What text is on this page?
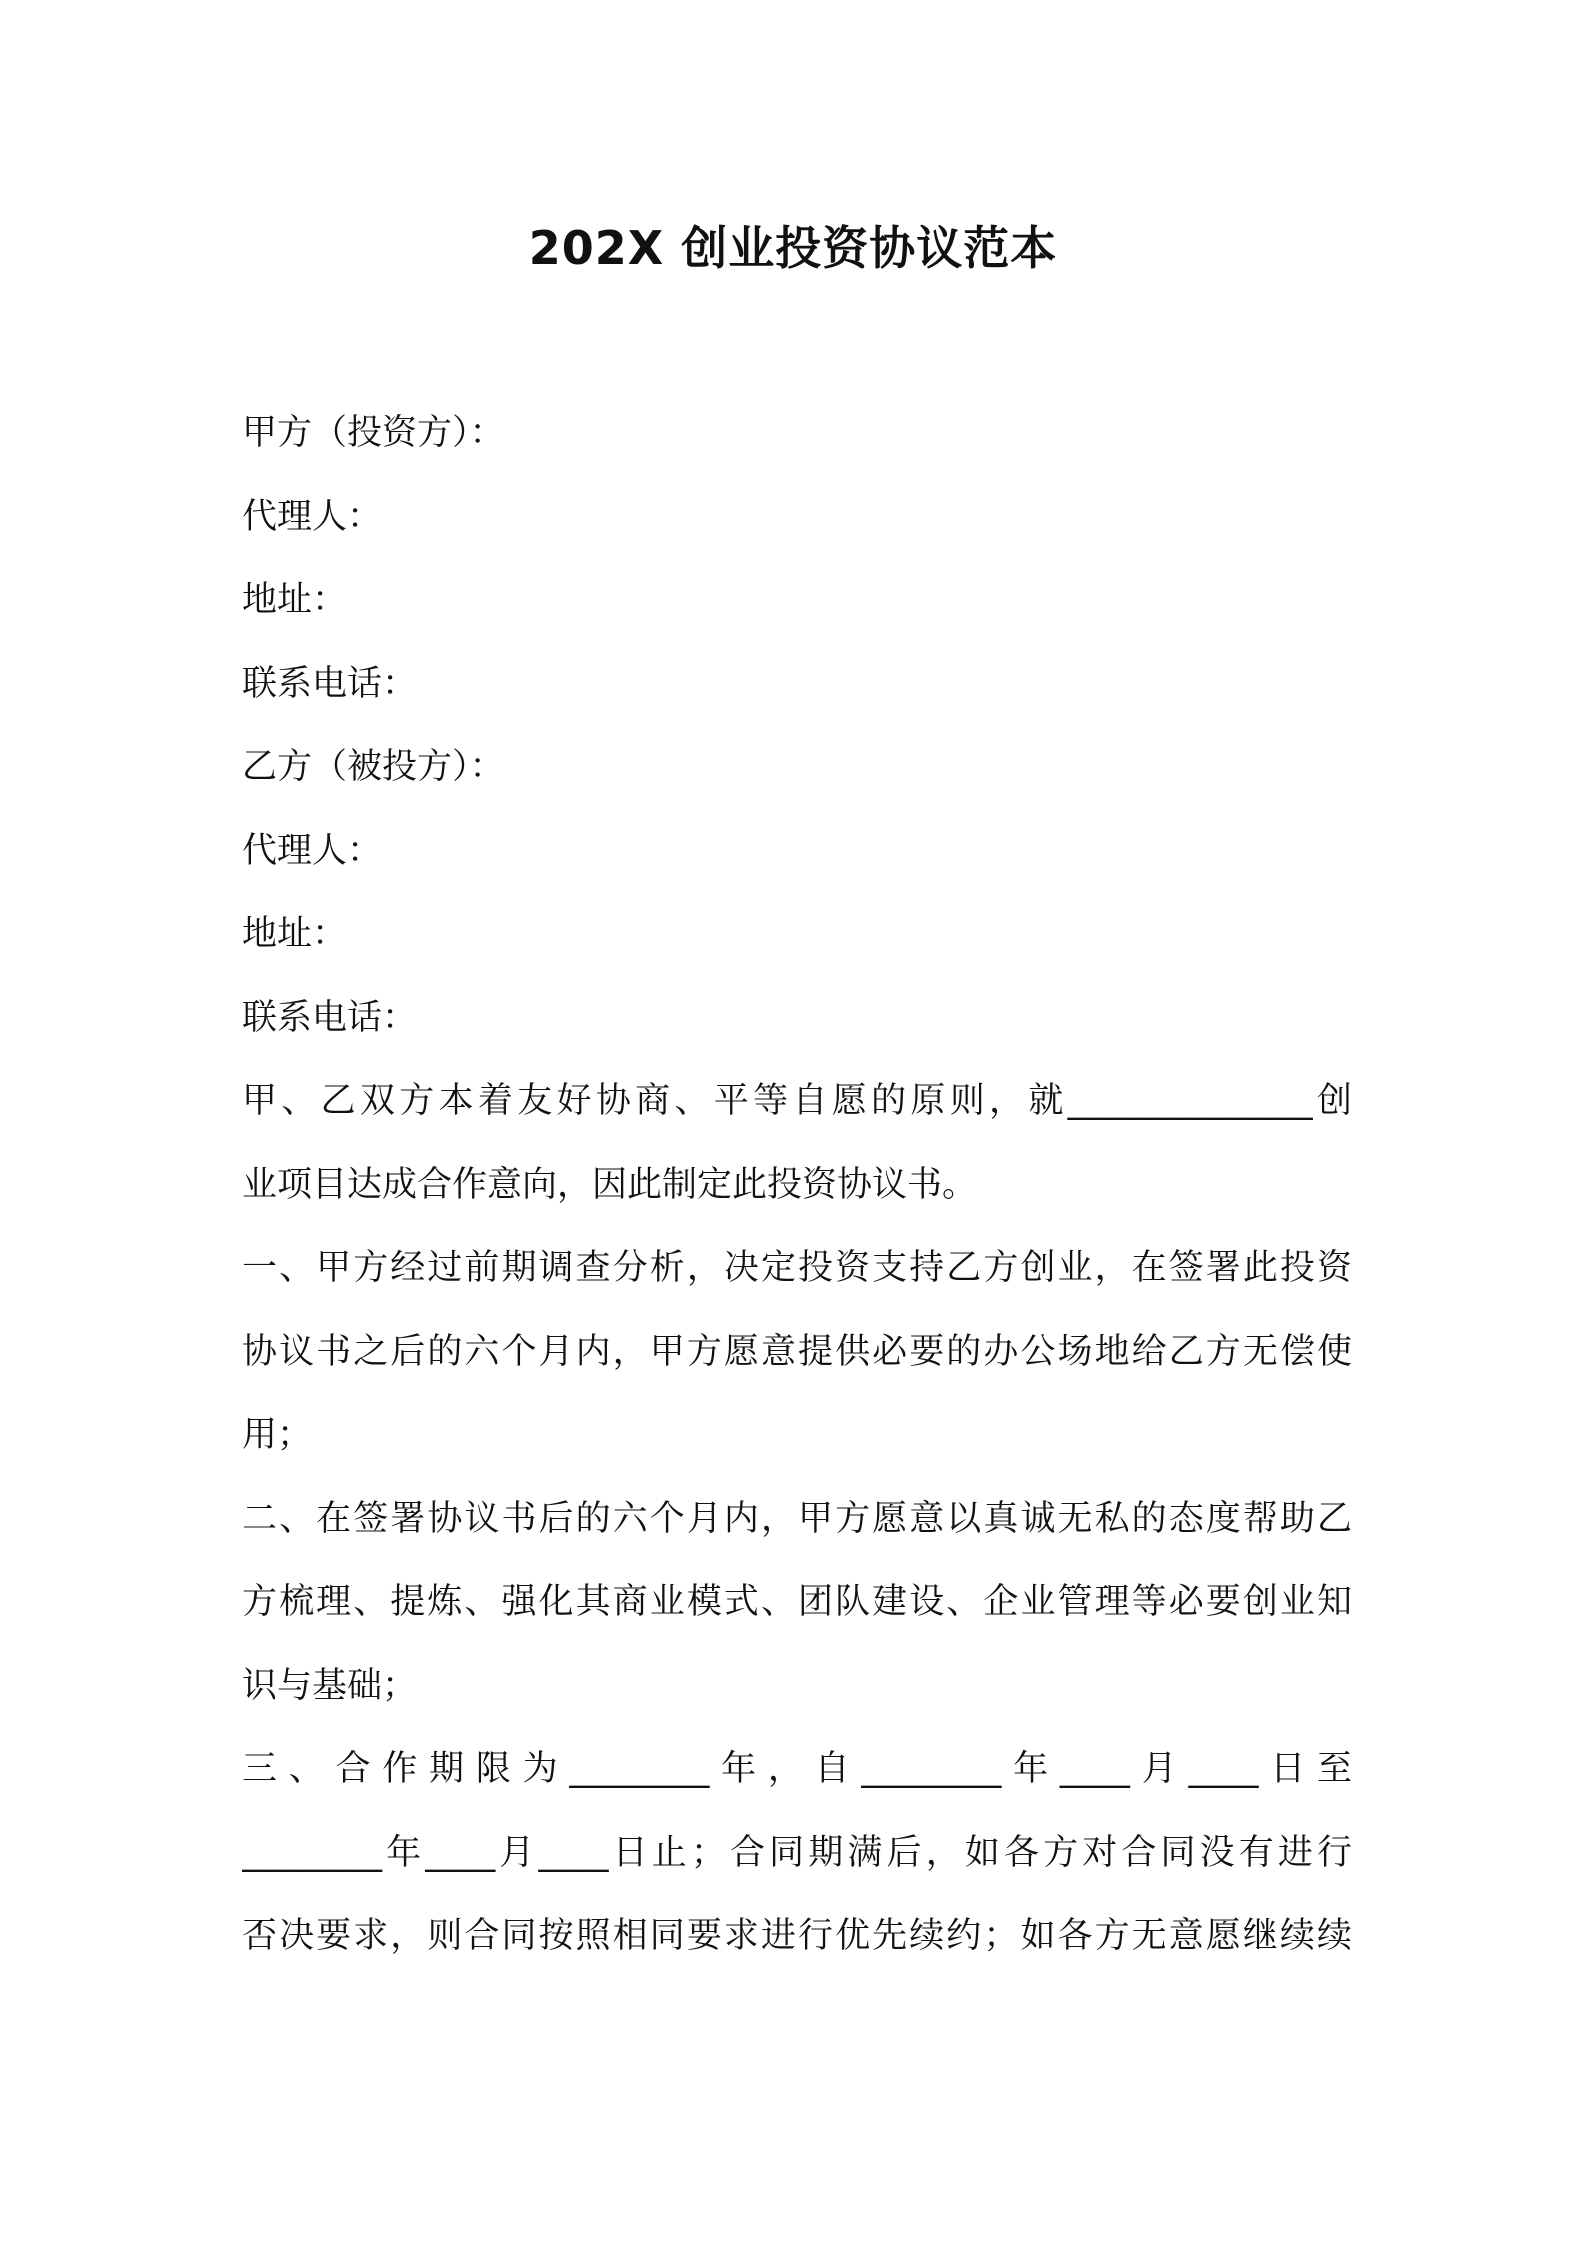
202X 创业投资协议范本
甲方（投资方）：
代理人：
地址：
联系电话：
乙方（被投方）：
代理人：
地址：
联系电话：
甲、乙双方本着友好协商、平等自愿的原则，就______________创
业项目达成合作意向，因此制定此投资协议书。
一、甲方经过前期调查分析，决定投资支持乙方创业，在签署此投资
协议书之后的六个月内，甲方愿意提供必要的办公场地给乙方无偿使
用；
二、在签署协议书后的六个月内，甲方愿意以真诚无私的态度帮助乙
方梳理、提炼、强化其商业模式、团队建设、企业管理等必要创业知
识与基础；
三、合作期限为________年，自________年____月____日至
________年____月____日止；合同期满后，如各方对合同没有进行
否决要求，则合同按照相同要求进行优先续约；如各方无意愿继续续
